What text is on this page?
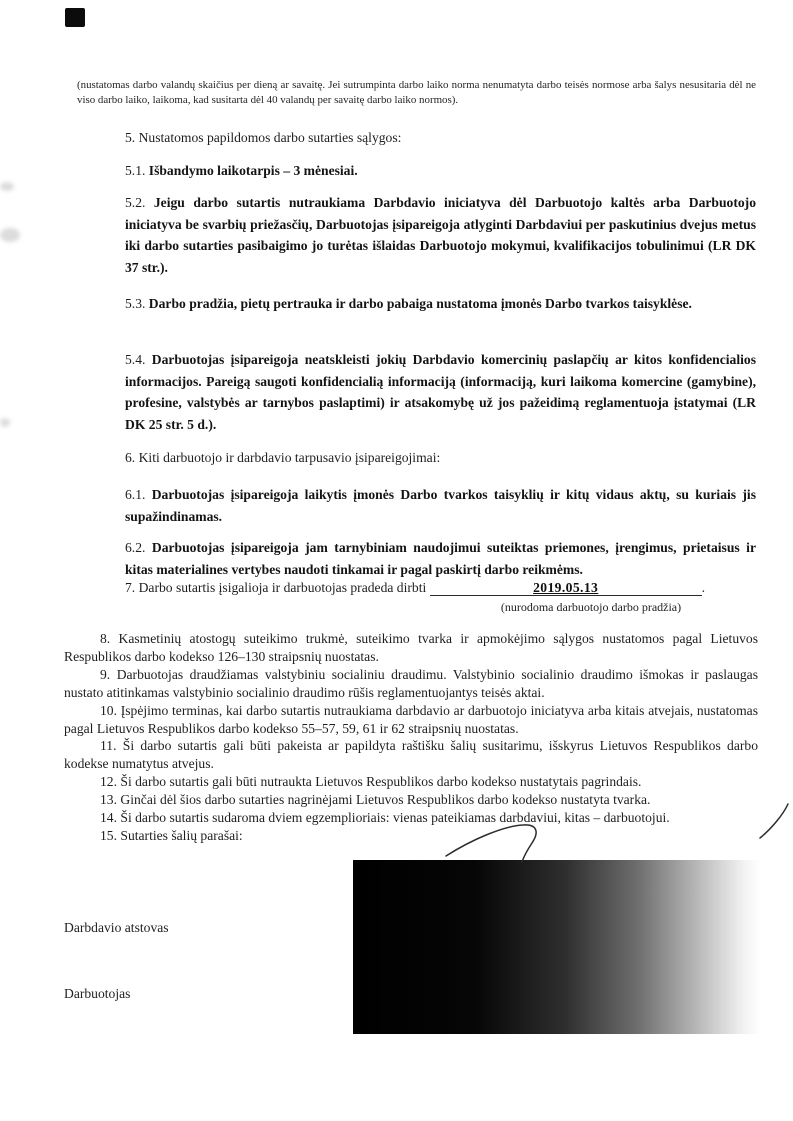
(nustatomas darbo valandų skaičius per dieną ar savaitę. Jei sutrumpinta darbo laiko norma nenumatyta darbo teisės normose arba šalys nesusitaria dėl ne viso darbo laiko, laikoma, kad susitarta dėl 40 valandų per savaitę darbo laiko normos).
5. Nustatomos papildomos darbo sutarties sąlygos:
5.1. Išbandymo laikotarpis – 3 mėnesiai.
5.2. Jeigu darbo sutartis nutraukiama Darbdavio iniciatyva dėl Darbuotojo kaltės arba Darbuotojo iniciatyva be svarbių priežasčių, Darbuotojas įsipareigoja atlyginti Darbdaviui per paskutinius dvejus metus iki darbo sutarties pasibaigimo jo turėtas išlaidas Darbuotojo mokymui, kvalifikacijos tobulinimui (LR DK 37 str.).
5.3. Darbo pradžia, pietų pertrauka ir darbo pabaiga nustatoma įmonės Darbo tvarkos taisyklėse.
5.4. Darbuotojas įsipareigoja neatskleisti jokių Darbdavio komercinių paslapčių ar kitos konfidencialios informacijos. Pareigą saugoti konfidencialią informaciją (informaciją, kuri laikoma komercine (gamybine), profesine, valstybės ar tarnybos paslaptimi) ir atsakomybę už jos pažeidimą reglamentuoja įstatymai (LR DK 25 str. 5 d.).
6. Kiti darbuotojo ir darbdavio tarpusavio įsipareigojimai:
6.1. Darbuotojas įsipareigoja laikytis įmonės Darbo tvarkos taisyklių ir kitų vidaus aktų, su kuriais jis supažindinamas.
6.2. Darbuotojas įsipareigoja jam tarnybiniam naudojimui suteiktas priemones, įrengimus, prietaisus ir kitas materialines vertybes naudoti tinkamai ir pagal paskirtį darbo reikmėms.
7. Darbo sutartis įsigalioja ir darbuotojas pradeda dirbti	2019.05.13	.
(nurodoma darbuotojo darbo pradžia)

8. Kasmetinių atostogų suteikimo trukmė, suteikimo tvarka ir apmokėjimo sąlygos nustatomos pagal Lietuvos Respublikos darbo kodekso 126–130 straipsnių nuostatas.

9. Darbuotojas draudžiamas valstybiniu socialiniu draudimu. Valstybinio socialinio draudimo išmokas ir paslaugas nustato atitinkamas valstybinio socialinio draudimo rūšis reglamentuojantys teisės aktai.

10. Įspėjimo terminas, kai darbo sutartis nutraukiama darbdavio ar darbuotojo iniciatyva arba kitais atvejais, nustatomas pagal Lietuvos Respublikos darbo kodekso 55–57, 59, 61 ir 62 straipsnių nuostatas.

11. Ši darbo sutartis gali būti pakeista ar papildyta raštišku šalių susitarimu, išskyrus Lietuvos Respublikos darbo kodekse numatytus atvejus.

12. Ši darbo sutartis gali būti nutraukta Lietuvos Respublikos darbo kodekso nustatytais pagrindais.

13. Ginčai dėl šios darbo sutarties nagrinėjami Lietuvos Respublikos darbo kodekso nustatyta tvarka.

14. Ši darbo sutartis sudaroma dviem egzemplioriais: vienas pateikiamas darbdaviui, kitas – darbuotojui.

15. Sutarties šalių parašai:

Darbdavio atstovas
Darbuotojas
